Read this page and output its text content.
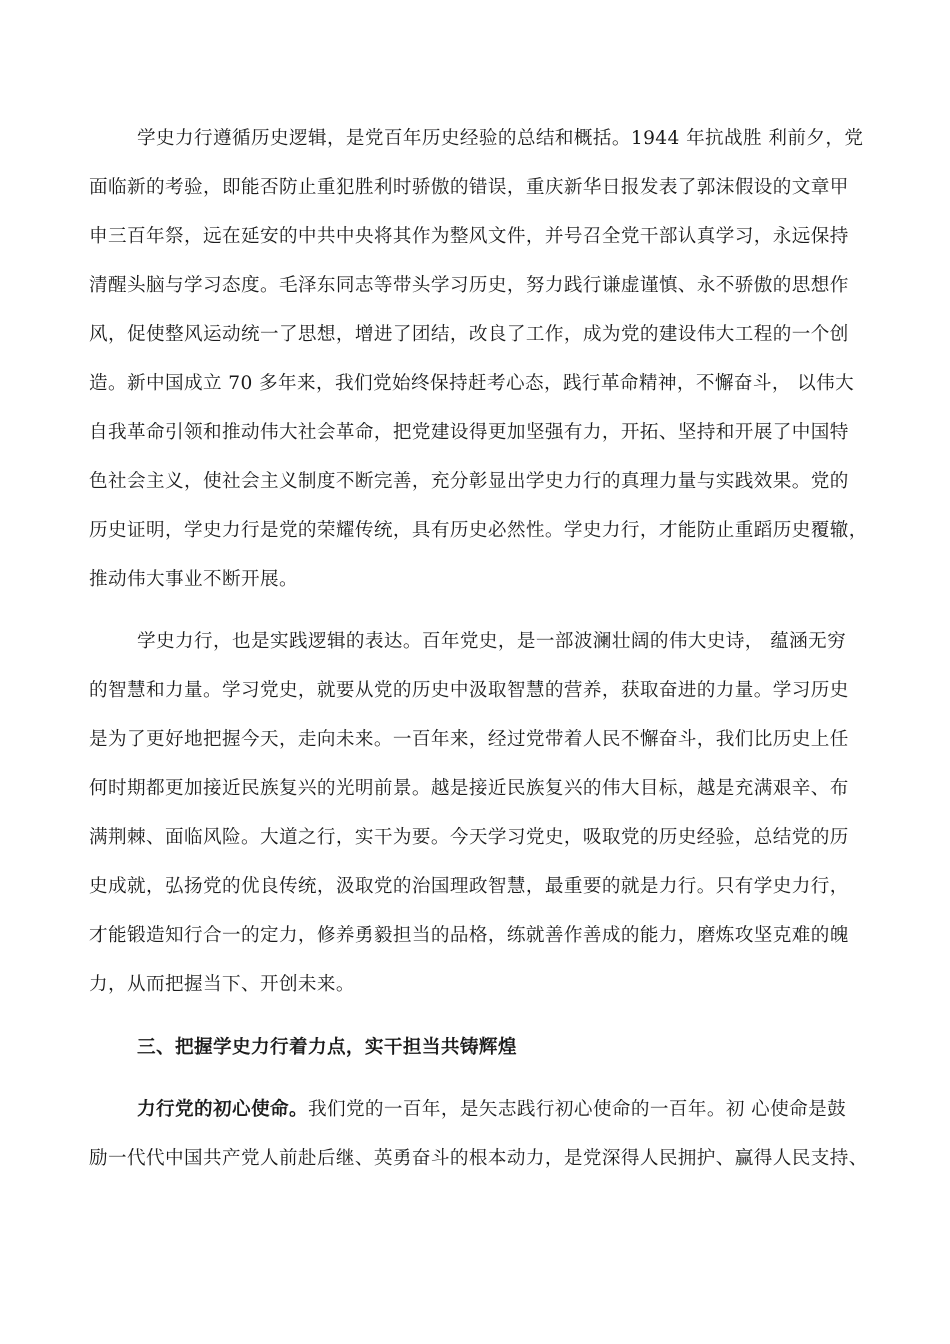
学史力行遵循历史逻辑，是党百年历史经验的总结和概括。1944 年抗战胜 利前夕，党
面临新的考验，即能否防止重犯胜利时骄傲的错误，重庆新华日报发表了郭沫假设的文章甲
申三百年祭，远在延安的中共中央将其作为整风文件，并号召全党干部认真学习，永远保持
清醒头脑与学习态度。毛泽东同志等带头学习历史，努力践行谦虚谨慎、永不骄傲的思想作
风，促使整风运动统一了思想，增进了团结，改良了工作，成为党的建设伟大工程的一个创
造。新中国成立 70 多年来，我们党始终保持赶考心态，践行革命精神，不懈奋斗， 以伟大
自我革命引领和推动伟大社会革命，把党建设得更加坚强有力，开拓、坚持和开展了中国特
色社会主义，使社会主义制度不断完善，充分彰显出学史力行的真理力量与实践效果。党的
历史证明，学史力行是党的荣耀传统，具有历史必然性。学史力行，才能防止重蹈历史覆辙，
推动伟大事业不断开展。
学史力行，也是实践逻辑的表达。百年党史，是一部波澜壮阔的伟大史诗， 蕴涵无穷
的智慧和力量。学习党史，就要从党的历史中汲取智慧的营养，获取奋进的力量。学习历史
是为了更好地把握今天，走向未来。一百年来，经过党带着人民不懈奋斗，我们比历史上任
何时期都更加接近民族复兴的光明前景。越是接近民族复兴的伟大目标，越是充满艰辛、布
满荆棘、面临风险。大道之行，实干为要。今天学习党史，吸取党的历史经验，总结党的历
史成就，弘扬党的优良传统，汲取党的治国理政智慧，最重要的就是力行。只有学史力行，
才能锻造知行合一的定力，修养勇毅担当的品格，练就善作善成的能力，磨炼攻坚克难的魄
力，从而把握当下、开创未来。
三、把握学史力行着力点，实干担当共铸辉煌
力行党的初心使命。我们党的一百年，是矢志践行初心使命的一百年。初 心使命是鼓
励一代代中国共产党人前赴后继、英勇奋斗的根本动力，是党深得人民拥护、赢得人民支持、
